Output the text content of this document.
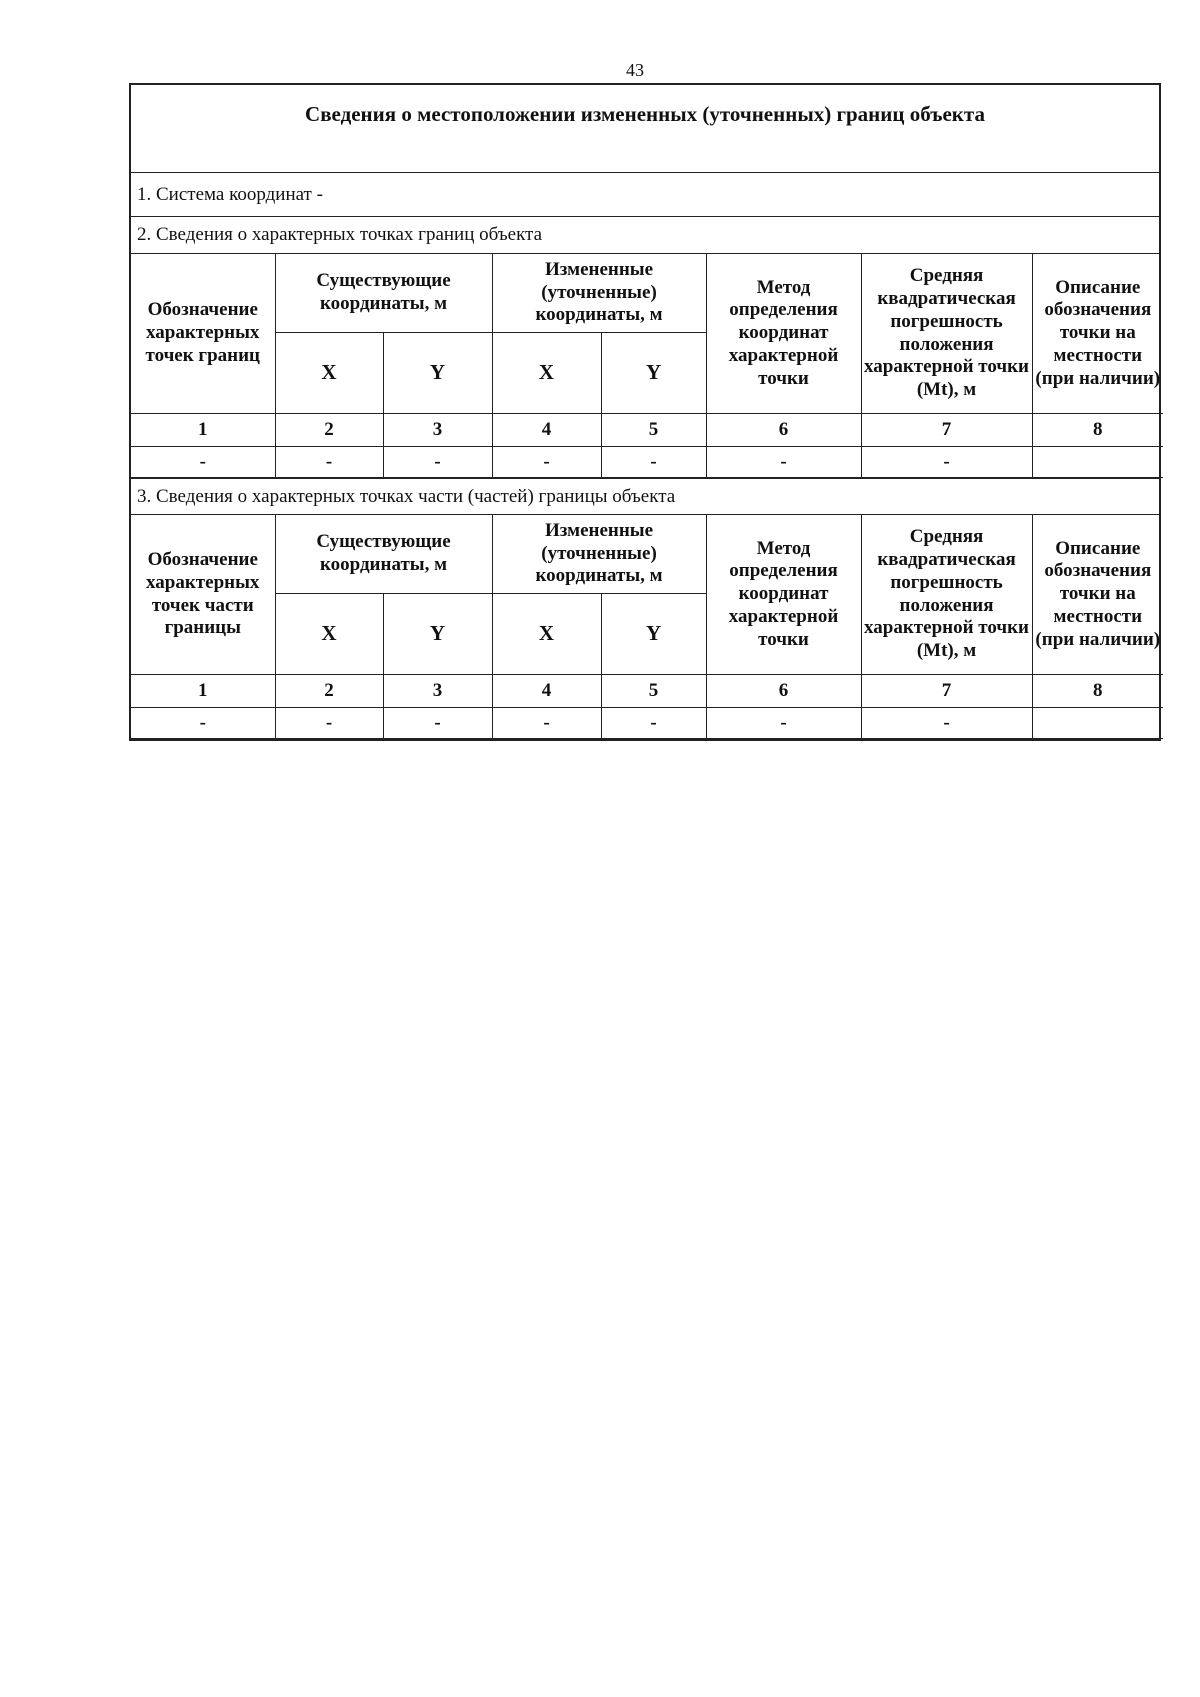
43
Сведения о местоположении измененных (уточненных) границ объекта
1. Система координат -
2. Сведения о характерных точках границ объекта
Обозначение характерных точек границ	Существующие координаты, м		Измененные (уточненные) координаты, м		Метод определения координат характерной точки	Средняя квадратическая погрешность положения характерной точки (Mt), м	Описание обозначения точки на местности (при наличии)
	X	Y	X	Y			
1	2	3	4	5	6	7	8
-	-	-	-	-	-	-	
3. Сведения о характерных точках части (частей) границы объекта
Обозначение характерных точек части границы	Существующие координаты, м		Измененные (уточненные) координаты, м		Метод определения координат характерной точки	Средняя квадратическая погрешность положения характерной точки (Mt), м	Описание обозначения точки на местности (при наличии)
	X	Y	X	Y			
1	2	3	4	5	6	7	8
-	-	-	-	-	-	-	
